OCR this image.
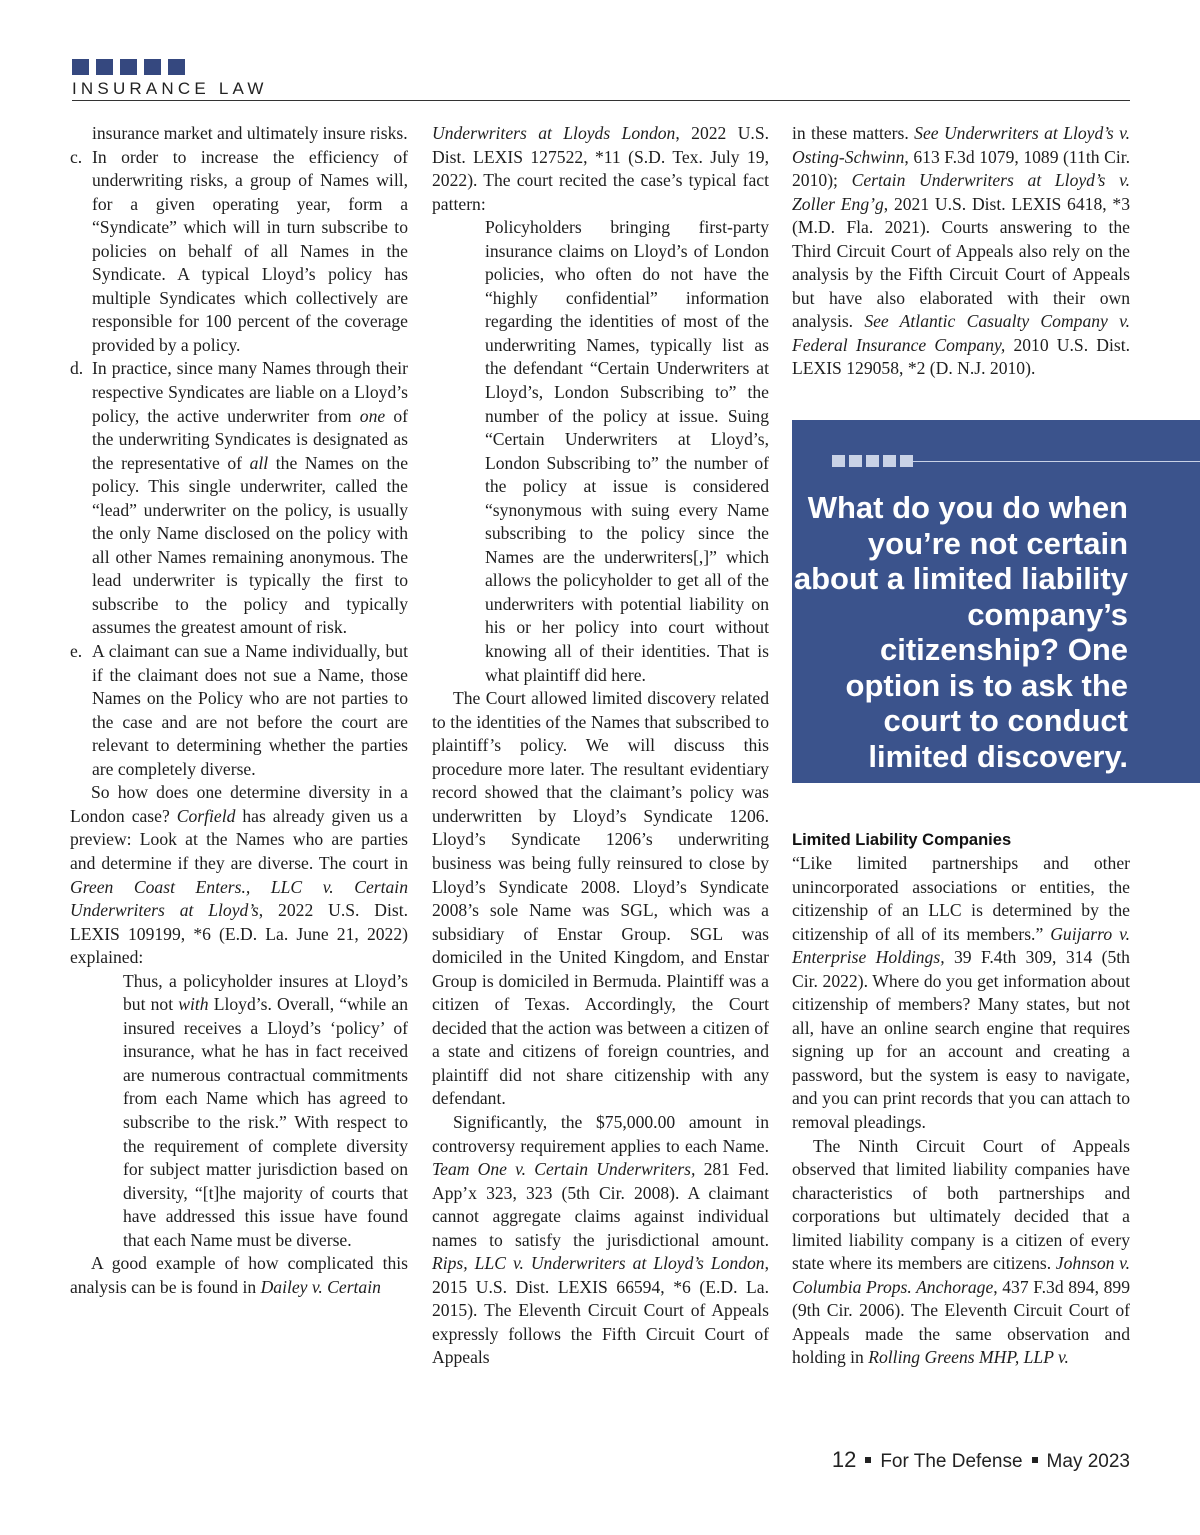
INSURANCE LAW

insurance market and ultimately insure risks.

c. In order to increase the efficiency of underwriting risks, a group of Names will, for a given operating year, form a “Syndicate” which will in turn subscribe to policies on behalf of all Names in the Syndicate. A typical Lloyd’s policy has multiple Syndicates which collectively are responsible for 100 percent of the coverage provided by a policy.

d. In practice, since many Names through their respective Syndicates are liable on a Lloyd’s policy, the active underwriter from one of the underwriting Syndicates is designated as the representative of all the Names on the policy. This single underwriter, called the “lead” underwriter on the policy, is usually the only Name disclosed on the policy with all other Names remaining anonymous. The lead underwriter is typically the first to subscribe to the policy and typically assumes the greatest amount of risk.

e. A claimant can sue a Name individually, but if the claimant does not sue a Name, those Names on the Policy who are not parties to the case and are not before the court are relevant to determining whether the parties are completely diverse.

So how does one determine diversity in a London case? Corfield has already given us a preview: Look at the Names who are parties and determine if they are diverse. The court in Green Coast Enters., LLC v. Certain Underwriters at Lloyd’s, 2022 U.S. Dist. LEXIS 109199, *6 (E.D. La. June 21, 2022) explained:

Thus, a policyholder insures at Lloyd’s but not with Lloyd’s. Overall, “while an insured receives a Lloyd’s ‘policy’ of insurance, what he has in fact received are numerous contractual commitments from each Name which has agreed to subscribe to the risk.” With respect to the requirement of complete diversity for subject matter jurisdiction based on diversity, “[t]he majority of courts that have addressed this issue have found that each Name must be diverse.

A good example of how complicated this analysis can be is found in Dailey v. Certain

Underwriters at Lloyds London, 2022 U.S. Dist. LEXIS 127522, *11 (S.D. Tex. July 19, 2022). The court recited the case’s typical fact pattern:

Policyholders bringing first-party insurance claims on Lloyd’s of London policies, who often do not have the “highly confidential” information regarding the identities of most of the underwriting Names, typically list as the defendant “Certain Underwriters at Lloyd’s, London Subscribing to” the number of the policy at issue. Suing “Certain Underwriters at Lloyd’s, London Subscribing to” the number of the policy at issue is considered “synonymous with suing every Name subscribing to the policy since the Names are the underwriters[,]” which allows the policyholder to get all of the underwriters with potential liability on his or her policy into court without knowing all of their identities. That is what plaintiff did here.

The Court allowed limited discovery related to the identities of the Names that subscribed to plaintiff’s policy. We will discuss this procedure more later. The resultant evidentiary record showed that the claimant’s policy was underwritten by Lloyd’s Syndicate 1206. Lloyd’s Syndicate 1206’s underwriting business was being fully reinsured to close by Lloyd’s Syndicate 2008. Lloyd’s Syndicate 2008’s sole Name was SGL, which was a subsidiary of Enstar Group. SGL was domiciled in the United Kingdom, and Enstar Group is domiciled in Bermuda. Plaintiff was a citizen of Texas. Accordingly, the Court decided that the action was between a citizen of a state and citizens of foreign countries, and plaintiff did not share citizenship with any defendant.

Significantly, the $75,000.00 amount in controversy requirement applies to each Name. Team One v. Certain Underwriters, 281 Fed. App’x 323, 323 (5th Cir. 2008). A claimant cannot aggregate claims against individual names to satisfy the jurisdictional amount. Rips, LLC v. Underwriters at Lloyd’s London, 2015 U.S. Dist. LEXIS 66594, *6 (E.D. La. 2015). The Eleventh Circuit Court of Appeals expressly follows the Fifth Circuit Court of Appeals

in these matters. See Underwriters at Lloyd’s v. Osting-Schwinn, 613 F.3d 1079, 1089 (11th Cir. 2010); Certain Underwriters at Lloyd’s v. Zoller Eng’g, 2021 U.S. Dist. LEXIS 6418, *3 (M.D. Fla. 2021). Courts answering to the Third Circuit Court of Appeals also rely on the analysis by the Fifth Circuit Court of Appeals but have also elaborated with their own analysis. See Atlantic Casualty Company v. Federal Insurance Company, 2010 U.S. Dist. LEXIS 129058, *2 (D. N.J. 2010).

What do you do when you’re not certain about a limited liability company’s citizenship? One option is to ask the court to conduct limited discovery.

Limited Liability Companies

“Like limited partnerships and other unincorporated associations or entities, the citizenship of an LLC is determined by the citizenship of all of its members.” Guijarro v. Enterprise Holdings, 39 F.4th 309, 314 (5th Cir. 2022). Where do you get information about citizenship of members? Many states, but not all, have an online search engine that requires signing up for an account and creating a password, but the system is easy to navigate, and you can print records that you can attach to removal pleadings.

The Ninth Circuit Court of Appeals observed that limited liability companies have characteristics of both partnerships and corporations but ultimately decided that a limited liability company is a citizen of every state where its members are citizens. Johnson v. Columbia Props. Anchorage, 437 F.3d 894, 899 (9th Cir. 2006). The Eleventh Circuit Court of Appeals made the same observation and holding in Rolling Greens MHP, LLP v.

12 For The Defense May 2023
